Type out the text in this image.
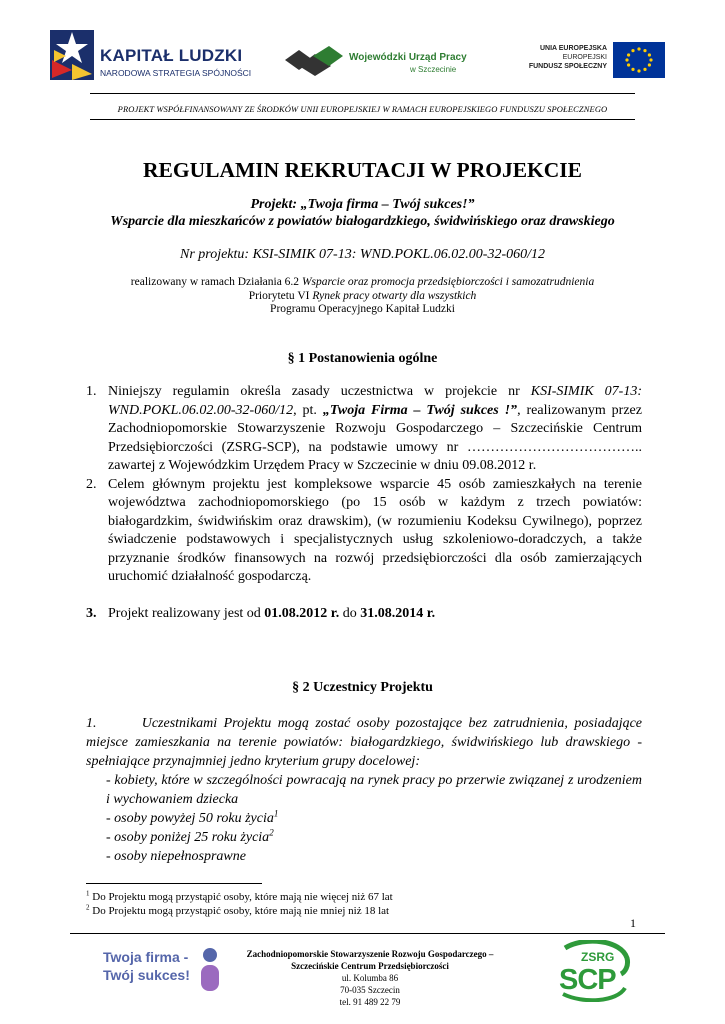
KAPITAŁ LUDZKI
NARODOWA STRATEGIA SPÓJNOŚCI
Wojewódzki Urząd Pracy
w Szczecinie
UNIA EUROPEJSKA
EUROPEJSKI
FUNDUSZ SPOŁECZNY
PROJEKT WSPÓŁFINANSOWANY ZE ŚRODKÓW UNII EUROPEJSKIEJ W RAMACH EUROPEJSKIEGO FUNDUSZU SPOŁECZNEGO
REGULAMIN REKRUTACJI W PROJEKCIE
Projekt: „Twoja firma – Twój sukces!”
Wsparcie dla mieszkańców z powiatów białogardzkiego, świdwińskiego oraz drawskiego
Nr projektu: KSI-SIMIK 07-13: WND.POKL.06.02.00-32-060/12
realizowany w ramach Działania 6.2 Wsparcie oraz promocja przedsiębiorczości i samozatrudnienia
Priorytetu VI Rynek pracy otwarty dla wszystkich
Programu Operacyjnego Kapitał Ludzki
§ 1 Postanowienia ogólne
1. Niniejszy regulamin określa zasady uczestnictwa w projekcie nr KSI-SIMIK 07-13: WND.POKL.06.02.00-32-060/12, pt. „Twoja Firma – Twój sukces !”, realizowanym przez Zachodniopomorskie Stowarzyszenie Rozwoju Gospodarczego – Szczecińskie Centrum Przedsiębiorczości (ZSRG-SCP), na podstawie umowy nr ……………………………….. zawartej z Wojewódzkim Urzędem Pracy w Szczecinie w dniu 09.08.2012 r.
2. Celem głównym projektu jest kompleksowe wsparcie 45 osób zamieszkałych na terenie województwa zachodniopomorskiego (po 15 osób w każdym z trzech powiatów: białogardzkim, świdwińskim oraz drawskim), (w rozumieniu Kodeksu Cywilnego), poprzez świadczenie podstawowych i specjalistycznych usług szkoleniowo-doradczych, a także przyznanie środków finansowych na rozwój przedsiębiorczości dla osób zamierzających uruchomić działalność gospodarczą.
3. Projekt realizowany jest od 01.08.2012 r. do 31.08.2014 r.
§ 2 Uczestnicy Projektu
1.	Uczestnikami Projektu mogą zostać osoby pozostające bez zatrudnienia, posiadające miejsce zamieszkania na terenie powiatów: białogardzkiego, świdwińskiego lub drawskiego - spełniające przynajmniej jedno kryterium grupy docelowej:
- kobiety, które w szczególności powracają na rynek pracy po przerwie związanej z urodzeniem i wychowaniem dziecka
- osoby powyżej 50 roku życia$^1$
- osoby poniżej 25 roku życia$^2$
- osoby niepełnosprawne
$^1$ Do Projektu mogą przystąpić osoby, które mają nie więcej niż 67 lat
$^2$ Do Projektu mogą przystąpić osoby, które mają nie mniej niż 18 lat
1
Twoja firma -
Twój sukces!
Zachodniopomorskie Stowarzyszenie Rozwoju Gospodarczego –
Szczecińskie Centrum Przedsiębiorczości
ul. Kolumba 86
70-035 Szczecin
tel. 91 489 22 79
ZSRG
SCP
